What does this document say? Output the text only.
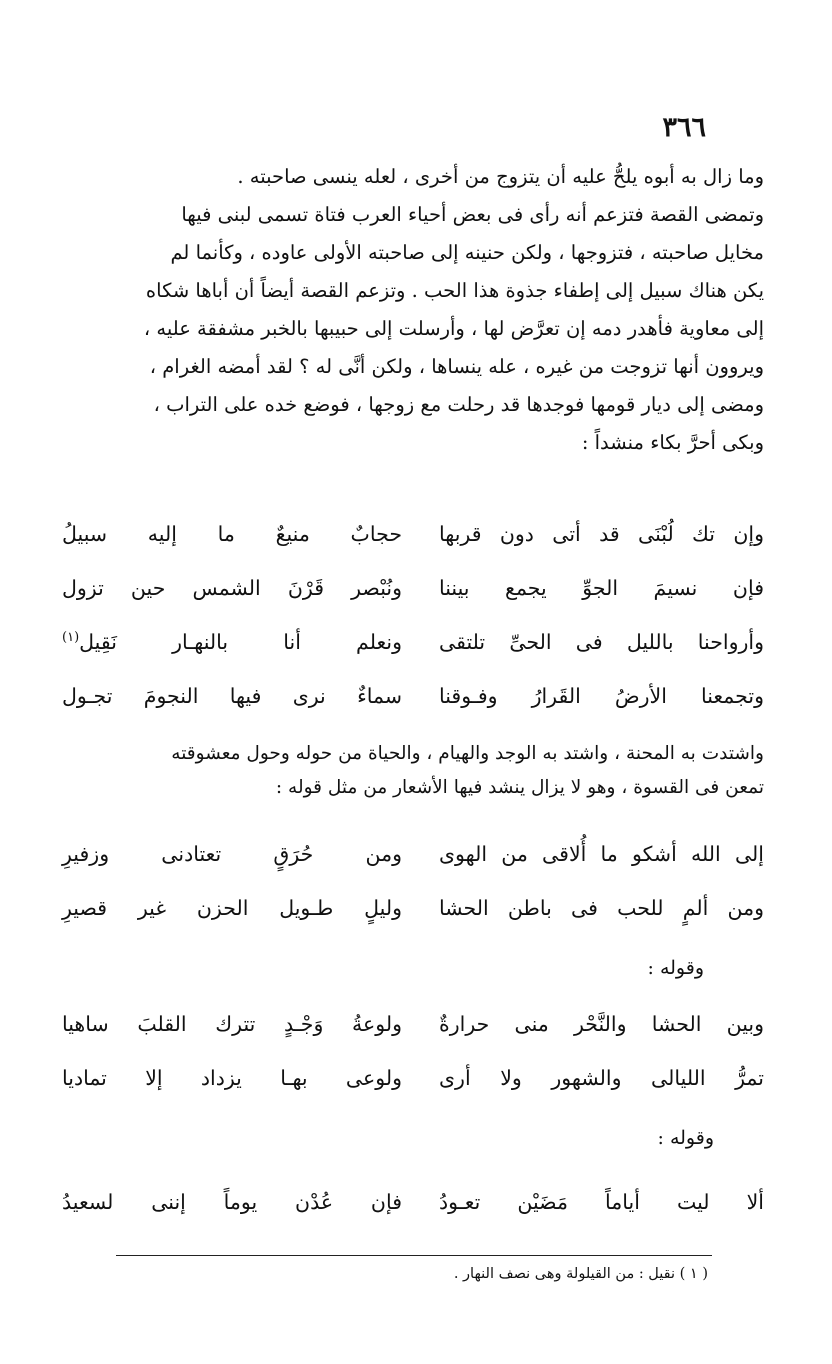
٣٦٦

وما زال به أبوه يلحُّ عليه أن يتزوج من أخرى ، لعله ينسى صاحبته .

وتمضى القصة فتزعم أنه رأى فى بعض أحياء العرب فتاة تسمى لبنى فيها

مخايل صاحبته ، فتزوجها ، ولكن حنينه إلى صاحبته الأولى عاوده ، وكأنما لم

يكن هناك سبيل إلى إطفاء جذوة هذا الحب . وتزعم القصة أيضاً أن أباها شكاه

إلى معاوية فأهدر دمه إن تعرَّض لها ، وأرسلت إلى حبيبها بالخبر مشفقة عليه ،

ويروون أنها تزوجت من غيره ، عله ينساها ، ولكن أنَّى له ؟ لقد أمضه الغرام ،

ومضى إلى ديار قومها فوجدها قد رحلت مع زوجها ، فوضع خده على التراب ،

وبكى أحرَّ بكاء منشداً :

وإن تك لُبْنَى قد أتى دون قربها
حجابٌ منيعٌ ما إليه سبيلُ
فإن نسيمَ الجوِّ يجمع بيننا
ونُبْصر قَرْنَ الشمس حين تزول
وأرواحنا بالليل فى الحىِّ تلتقى
ونعلم أنا بالنهـار نَقِيل$^{(١)}$
وتجمعنا الأرضُ القَرارُ وفـوقنا
سماءٌ نرى فيها النجومَ تجـول

واشتدت به المحنة ، واشتد به الوجد والهيام ، والحياة من حوله وحول معشوقته

تمعن فى القسوة ، وهو لا يزال ينشد فيها الأشعار من مثل قوله :

إلى الله أشكو ما أُلاقى من الهوى
ومن حُرَقٍ تعتادنى وزفيرِ
ومن ألمٍ للحب فى باطن الحشا
وليلٍ طـويل الحزن غير قصيرِ
وقوله :
وبين الحشا والنَّحْر منى حرارةٌ
ولوعةُ وَجْـدٍ تترك القلبَ ساهيا
تمرُّ الليالى والشهور ولا أرى
ولوعى بهـا يزداد إلا تماديا
وقوله :
ألا ليت أياماً مَضَيْن تعـودُ
فإن عُدْن يوماً إننى لسعيدُ
( ١ ) نقيل : من القيلولة وهى نصف النهار .
